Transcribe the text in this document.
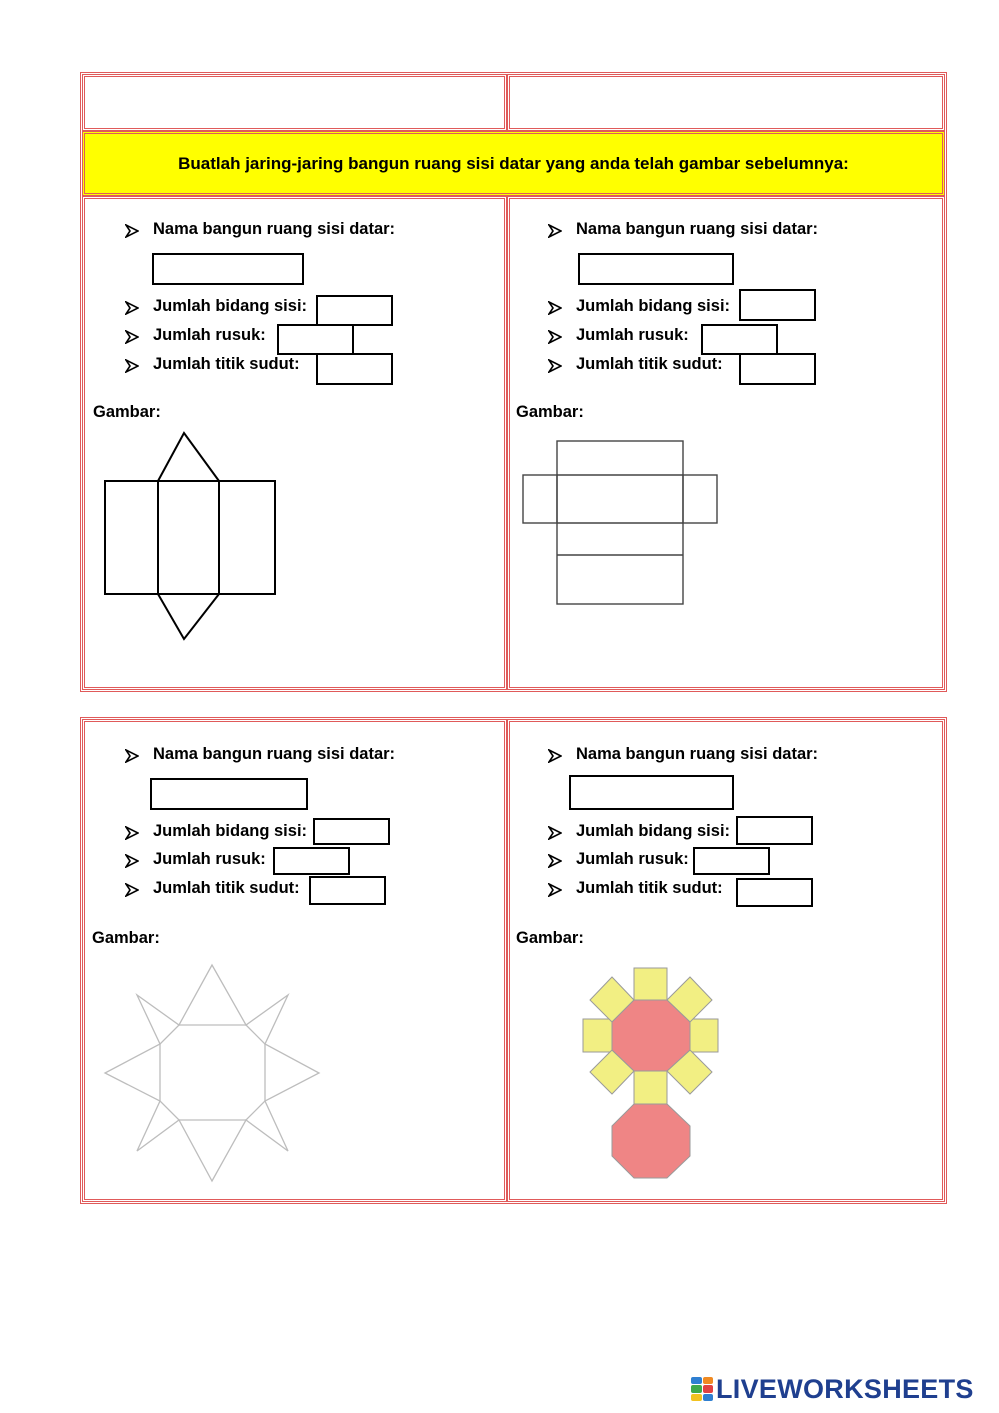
Buatlah jaring-jaring bangun ruang sisi datar yang anda telah gambar sebelumnya:
Nama bangun ruang sisi datar:
Jumlah bidang sisi:
Jumlah rusuk:
Jumlah titik sudut:
Gambar:
Nama bangun ruang sisi datar:
Jumlah bidang sisi:
Jumlah rusuk:
Jumlah titik sudut:
Gambar:
Nama bangun ruang sisi datar:
Jumlah bidang sisi:
Jumlah rusuk:
Jumlah titik sudut:
Gambar:
Nama bangun ruang sisi datar:
Jumlah bidang sisi:
Jumlah rusuk:
Jumlah titik sudut:
Gambar:
LIVEWORKSHEETS
